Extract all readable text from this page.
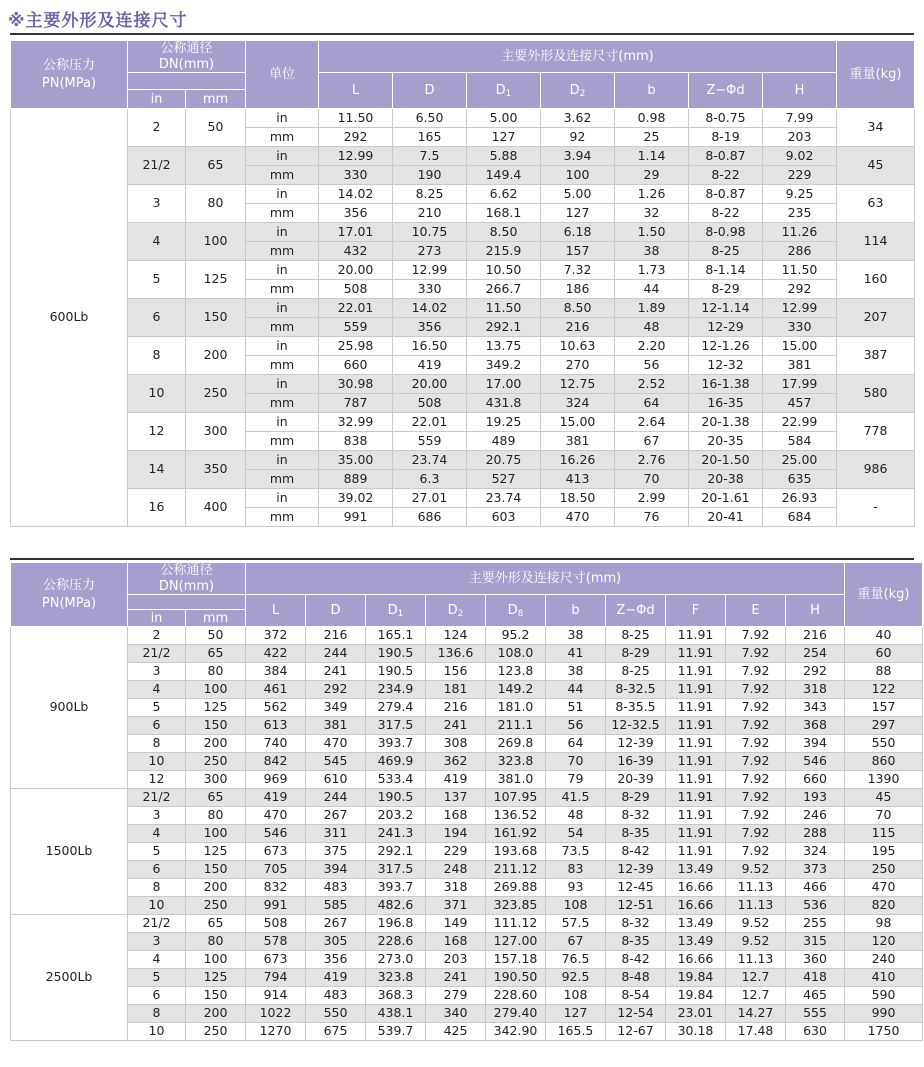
※主要外形及连接尺寸
公称压力
PN(MPa)	公称通径
DN(mm)		单位	主要外形及连接尺寸(mm)							重量(kg)
				L	D	$D_1$	$D_2$	b	Z−Φd	H	
	in	mm									
600Lb	2	50	in	11.50	6.50	5.00	3.62	0.98	8-0.75	7.99	34
			mm	292	165	127	92	25	8-19	203	
	21/2	65	in	12.99	7.5	5.88	3.94	1.14	8-0.87	9.02	45
			mm	330	190	149.4	100	29	8-22	229	
	3	80	in	14.02	8.25	6.62	5.00	1.26	8-0.87	9.25	63
			mm	356	210	168.1	127	32	8-22	235	
	4	100	in	17.01	10.75	8.50	6.18	1.50	8-0.98	11.26	114
			mm	432	273	215.9	157	38	8-25	286	
	5	125	in	20.00	12.99	10.50	7.32	1.73	8-1.14	11.50	160
			mm	508	330	266.7	186	44	8-29	292	
	6	150	in	22.01	14.02	11.50	8.50	1.89	12-1.14	12.99	207
			mm	559	356	292.1	216	48	12-29	330	
	8	200	in	25.98	16.50	13.75	10.63	2.20	12-1.26	15.00	387
			mm	660	419	349.2	270	56	12-32	381	
	10	250	in	30.98	20.00	17.00	12.75	2.52	16-1.38	17.99	580
			mm	787	508	431.8	324	64	16-35	457	
	12	300	in	32.99	22.01	19.25	15.00	2.64	20-1.38	22.99	778
			mm	838	559	489	381	67	20-35	584	
	14	350	in	35.00	23.74	20.75	16.26	2.76	20-1.50	25.00	986
			mm	889	6.3	527	413	70	20-38	635	
	16	400	in	39.02	27.01	23.74	18.50	2.99	20-1.61	26.93	-
			mm	991	686	603	470	76	20-41	684	
公称压力
PN(MPa)	公称通径
DN(mm)		主要外形及连接尺寸(mm)										重量(kg)
			L	D	$D_1$	$D_2$	$D_8$	b	Z−Φd	F	E	H	
	in	mm											
900Lb	2	50	372	216	165.1	124	95.2	38	8-25	11.91	7.92	216	40
	21/2	65	422	244	190.5	136.6	108.0	41	8-29	11.91	7.92	254	60
	3	80	384	241	190.5	156	123.8	38	8-25	11.91	7.92	292	88
	4	100	461	292	234.9	181	149.2	44	8-32.5	11.91	7.92	318	122
	5	125	562	349	279.4	216	181.0	51	8-35.5	11.91	7.92	343	157
	6	150	613	381	317.5	241	211.1	56	12-32.5	11.91	7.92	368	297
	8	200	740	470	393.7	308	269.8	64	12-39	11.91	7.92	394	550
	10	250	842	545	469.9	362	323.8	70	16-39	11.91	7.92	546	860
	12	300	969	610	533.4	419	381.0	79	20-39	11.91	7.92	660	1390
1500Lb	21/2	65	419	244	190.5	137	107.95	41.5	8-29	11.91	7.92	193	45
	3	80	470	267	203.2	168	136.52	48	8-32	11.91	7.92	246	70
	4	100	546	311	241.3	194	161.92	54	8-35	11.91	7.92	288	115
	5	125	673	375	292.1	229	193.68	73.5	8-42	11.91	7.92	324	195
	6	150	705	394	317.5	248	211.12	83	12-39	13.49	9.52	373	250
	8	200	832	483	393.7	318	269.88	93	12-45	16.66	11.13	466	470
	10	250	991	585	482.6	371	323.85	108	12-51	16.66	11.13	536	820
2500Lb	21/2	65	508	267	196.8	149	111.12	57.5	8-32	13.49	9.52	255	98
	3	80	578	305	228.6	168	127.00	67	8-35	13.49	9.52	315	120
	4	100	673	356	273.0	203	157.18	76.5	8-42	16.66	11.13	360	240
	5	125	794	419	323.8	241	190.50	92.5	8-48	19.84	12.7	418	410
	6	150	914	483	368.3	279	228.60	108	8-54	19.84	12.7	465	590
	8	200	1022	550	438.1	340	279.40	127	12-54	23.01	14.27	555	990
	10	250	1270	675	539.7	425	342.90	165.5	12-67	30.18	17.48	630	1750
